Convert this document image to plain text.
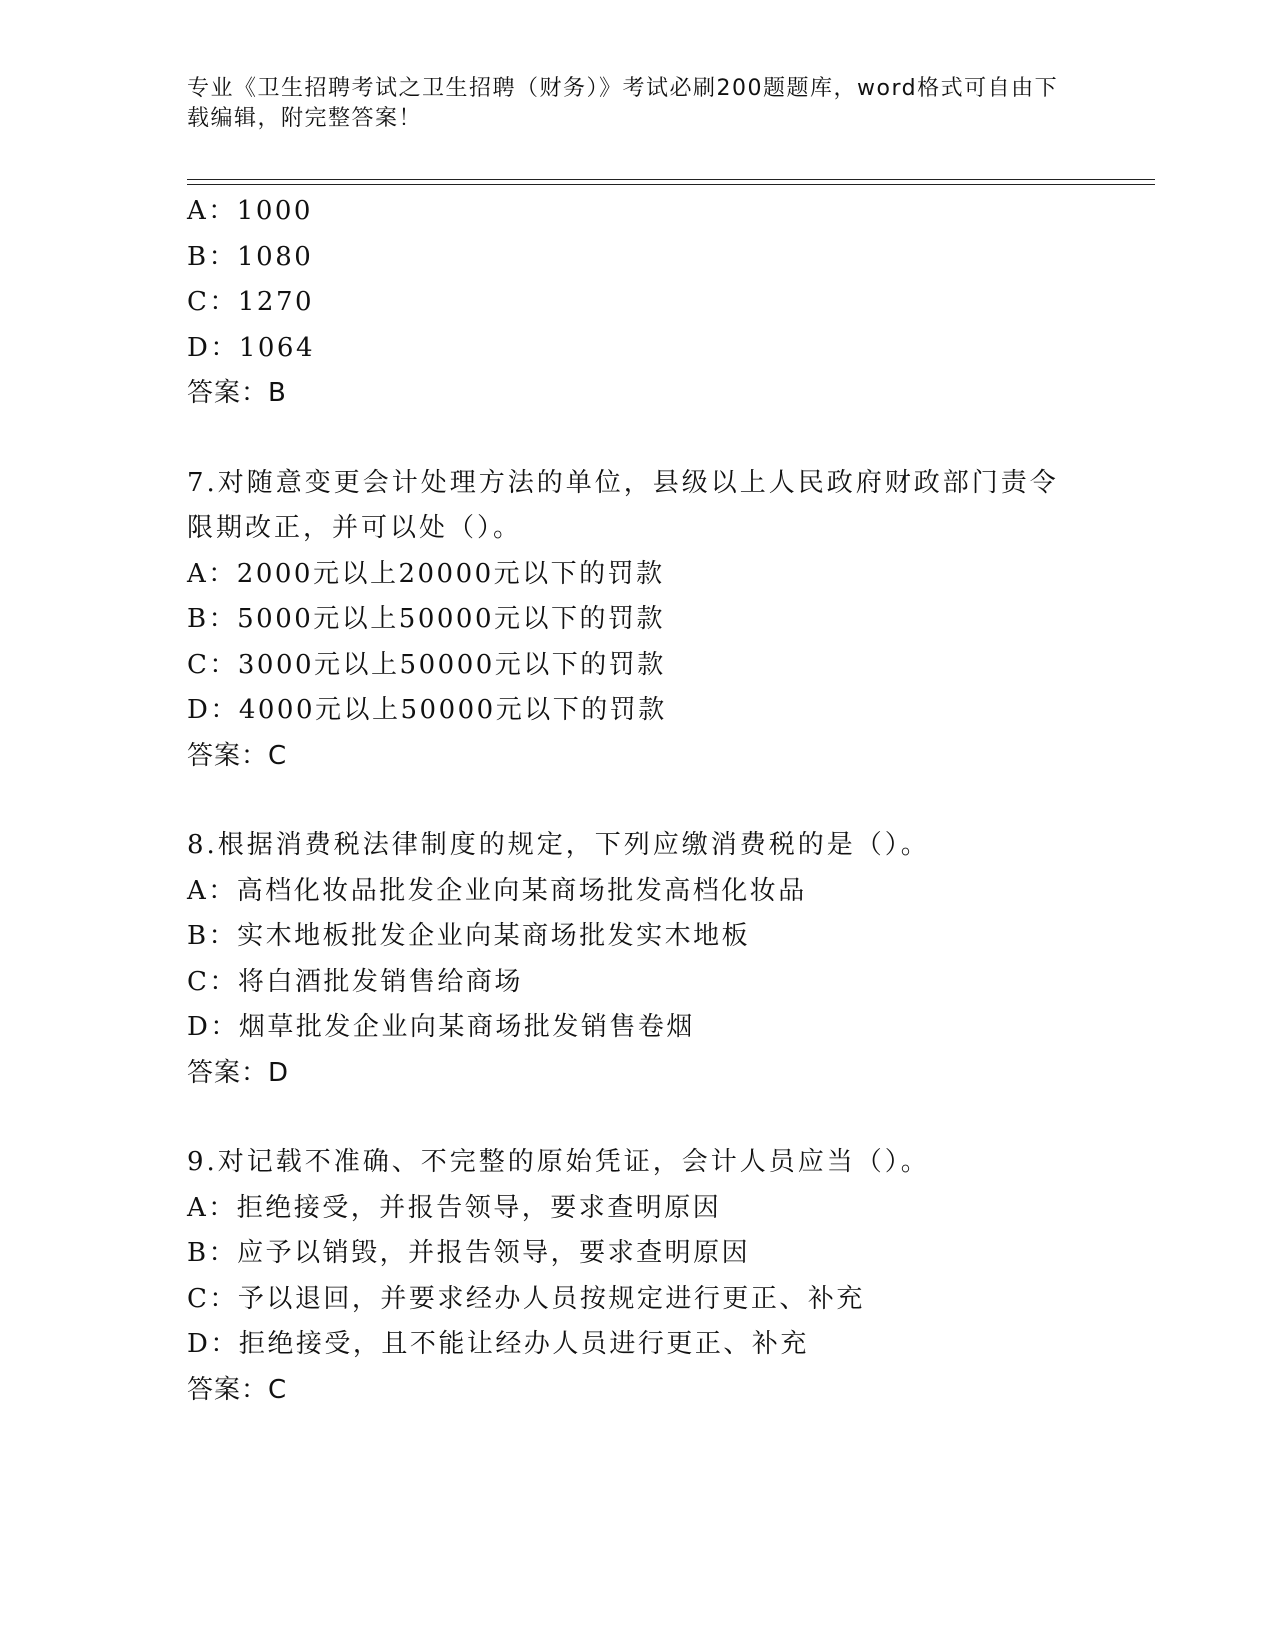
专业《卫生招聘考试之卫生招聘（财务）》考试必刷200题题库，word格式可自由下载编辑，附完整答案！
A：1000
B：1080
C：1270
D：1064
答案：B
7.对随意变更会计处理方法的单位，县级以上人民政府财政部门责令
限期改正，并可以处（）。
A：2000元以上20000元以下的罚款
B：5000元以上50000元以下的罚款
C：3000元以上50000元以下的罚款
D：4000元以上50000元以下的罚款
答案：C
8.根据消费税法律制度的规定，下列应缴消费税的是（）。
A：高档化妆品批发企业向某商场批发高档化妆品
B：实木地板批发企业向某商场批发实木地板
C：将白酒批发销售给商场
D：烟草批发企业向某商场批发销售卷烟
答案：D
9.对记载不准确、不完整的原始凭证，会计人员应当（）。
A：拒绝接受，并报告领导，要求查明原因
B：应予以销毁，并报告领导，要求查明原因
C：予以退回，并要求经办人员按规定进行更正、补充
D：拒绝接受，且不能让经办人员进行更正、补充
答案：C
